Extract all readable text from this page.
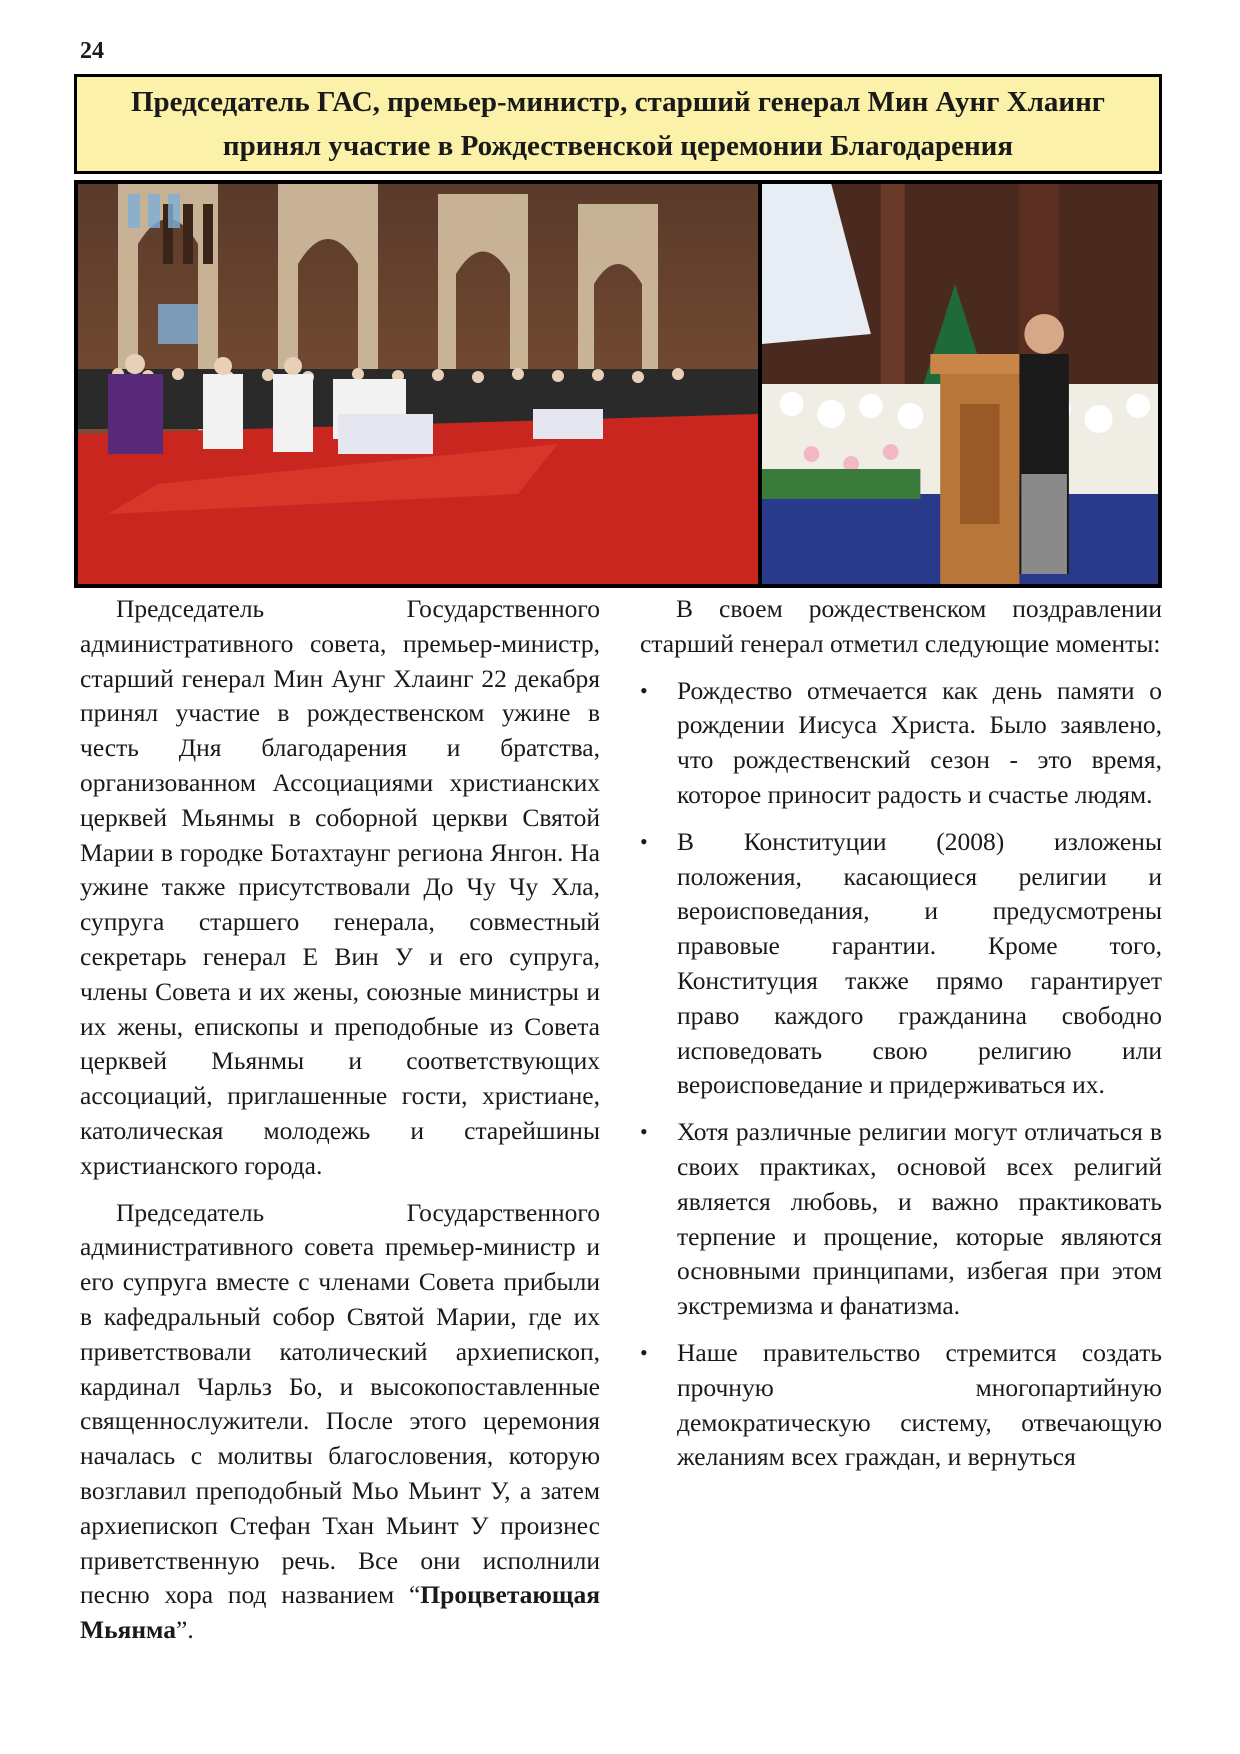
24
Председатель ГАС, премьер-министр, старший генерал Мин Аунг Хлаинг
принял участие в Рождественской церемонии Благодарения

Председатель Государственного административного совета, премьер-министр, старший генерал Мин Аунг Хлаинг 22 декабря принял участие в рождественском ужине в честь Дня благодарения и братства, организованном Ассоциациями христианских церквей Мьянмы в соборной церкви Святой Марии в городке Ботахтаунг региона Янгон. На ужине также присутствовали До Чу Чу Хла, супруга старшего генерала, совместный секретарь генерал Е Вин У и его супруга, члены Совета и их жены, союзные министры и их жены, епископы и преподобные из Совета церквей Мьянмы и соответствующих ассоциаций, приглашенные гости, христиане, католическая молодежь и старейшины христианского города.

Председатель Государственного административного совета премьер-министр и его супруга вместе с членами Совета прибыли в кафедральный собор Святой Марии, где их приветствовали католический архиепископ, кардинал Чарльз Бо, и высокопоставленные священнослужители. После этого церемония началась с молитвы благословения, которую возглавил преподобный Мьо Мьинт У, а затем архиепископ Стефан Тхан Мьинт У произнес приветственную речь. Все они исполнили песню хора под названием “Процветающая Мьянма”.

В своем рождественском поздравлении старший генерал отметил следующие моменты:

• Рождество отмечается как день памяти о рождении Иисуса Христа. Было заявлено, что рождественский сезон - это время, которое приносит радость и счастье людям.
• В Конституции (2008) изложены положения, касающиеся религии и вероисповедания, и предусмотрены правовые гарантии. Кроме того, Конституция также прямо гарантирует право каждого гражданина свободно исповедовать свою религию или вероисповедание и придерживаться их.
• Хотя различные религии могут отличаться в своих практиках, основой всех религий является любовь, и важно практиковать терпение и прощение, которые являются основными принципами, избегая при этом экстремизма и фанатизма.
• Наше правительство стремится создать прочную многопартийную демократическую систему, отвечающую желаниям всех граждан, и вернуться
